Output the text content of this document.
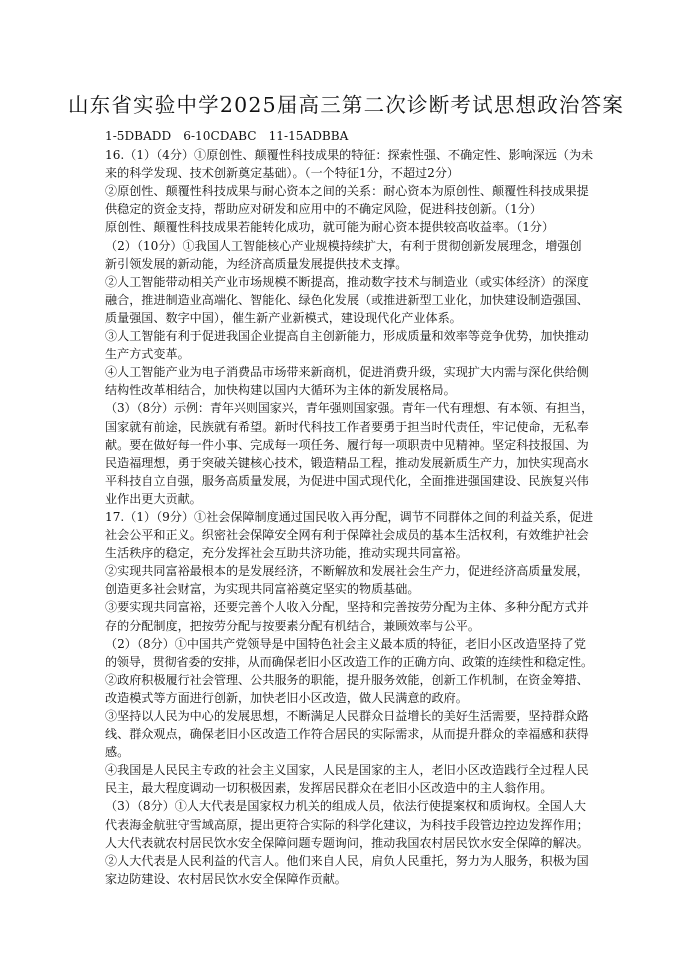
山东省实验中学2025届高三第二次诊断考试思想政治答案
1-5DBADD　6-10CDABC　11-15ADBBA
16.（1）（4分）①原创性、颠覆性科技成果的特征：探索性强、不确定性、影响深远（为未
来的科学发现、技术创新奠定基础）。（一个特征1分，不超过2分）
②原创性、颠覆性科技成果与耐心资本之间的关系：耐心资本为原创性、颠覆性科技成果提
供稳定的资金支持，帮助应对研发和应用中的不确定风险，促进科技创新。（1分）
原创性、颠覆性科技成果若能转化成功，就可能为耐心资本提供较高收益率。（1分）
（2）（10分）①我国人工智能核心产业规模持续扩大，有利于贯彻创新发展理念，增强创
新引领发展的新动能，为经济高质量发展提供技术支撑。
②人工智能带动相关产业市场规模不断提高，推动数字技术与制造业（或实体经济）的深度
融合，推进制造业高端化、智能化、绿色化发展（或推进新型工业化，加快建设制造强国、
质量强国、数字中国），催生新产业新模式，建设现代化产业体系。
③人工智能有利于促进我国企业提高自主创新能力，形成质量和效率等竞争优势，加快推动
生产方式变革。
④人工智能产业为电子消费品市场带来新商机，促进消费升级，实现扩大内需与深化供给侧
结构性改革相结合，加快构建以国内大循环为主体的新发展格局。
（3）（8分）示例：青年兴则国家兴，青年强则国家强。青年一代有理想、有本领、有担当，
国家就有前途，民族就有希望。新时代科技工作者要勇于担当时代责任，牢记使命，无私奉
献。要在做好每一件小事、完成每一项任务、履行每一项职责中见精神。坚定科技报国、为
民造福理想，勇于突破关键核心技术，锻造精品工程，推动发展新质生产力，加快实现高水
平科技自立自强，服务高质量发展，为促进中国式现代化，全面推进强国建设、民族复兴伟
业作出更大贡献。
17.（1）（9分）①社会保障制度通过国民收入再分配，调节不同群体之间的利益关系，促进
社会公平和正义。织密社会保障安全网有利于保障社会成员的基本生活权利，有效维护社会
生活秩序的稳定，充分发挥社会互助共济功能，推动实现共同富裕。
②实现共同富裕最根本的是发展经济，不断解放和发展社会生产力，促进经济高质量发展，
创造更多社会财富，为实现共同富裕奠定坚实的物质基础。
③要实现共同富裕，还要完善个人收入分配，坚持和完善按劳分配为主体、多种分配方式并
存的分配制度，把按劳分配与按要素分配有机结合，兼顾效率与公平。
（2）（8分）①中国共产党领导是中国特色社会主义最本质的特征，老旧小区改造坚持了党
的领导，贯彻省委的安排，从而确保老旧小区改造工作的正确方向、政策的连续性和稳定性。
②政府积极履行社会管理、公共服务的职能，提升服务效能，创新工作机制，在资金筹措、
改造模式等方面进行创新，加快老旧小区改造，做人民满意的政府。
③坚持以人民为中心的发展思想，不断满足人民群众日益增长的美好生活需要，坚持群众路
线、群众观点，确保老旧小区改造工作符合居民的实际需求，从而提升群众的幸福感和获得
感。
④我国是人民民主专政的社会主义国家，人民是国家的主人，老旧小区改造践行全过程人民
民主，最大程度调动一切积极因素，发挥居民群众在老旧小区改造中的主人翁作用。
（3）（8分）①人大代表是国家权力机关的组成人员，依法行使提案权和质询权。全国人大
代表海金航驻守雪域高原，提出更符合实际的科学化建议，为科技手段管边控边发挥作用；
人大代表就农村居民饮水安全保障问题专题询问，推动我国农村居民饮水安全保障的解决。
②人大代表是人民利益的代言人。他们来自人民，肩负人民重托，努力为人服务，积极为国
家边防建设、农村居民饮水安全保障作贡献。
